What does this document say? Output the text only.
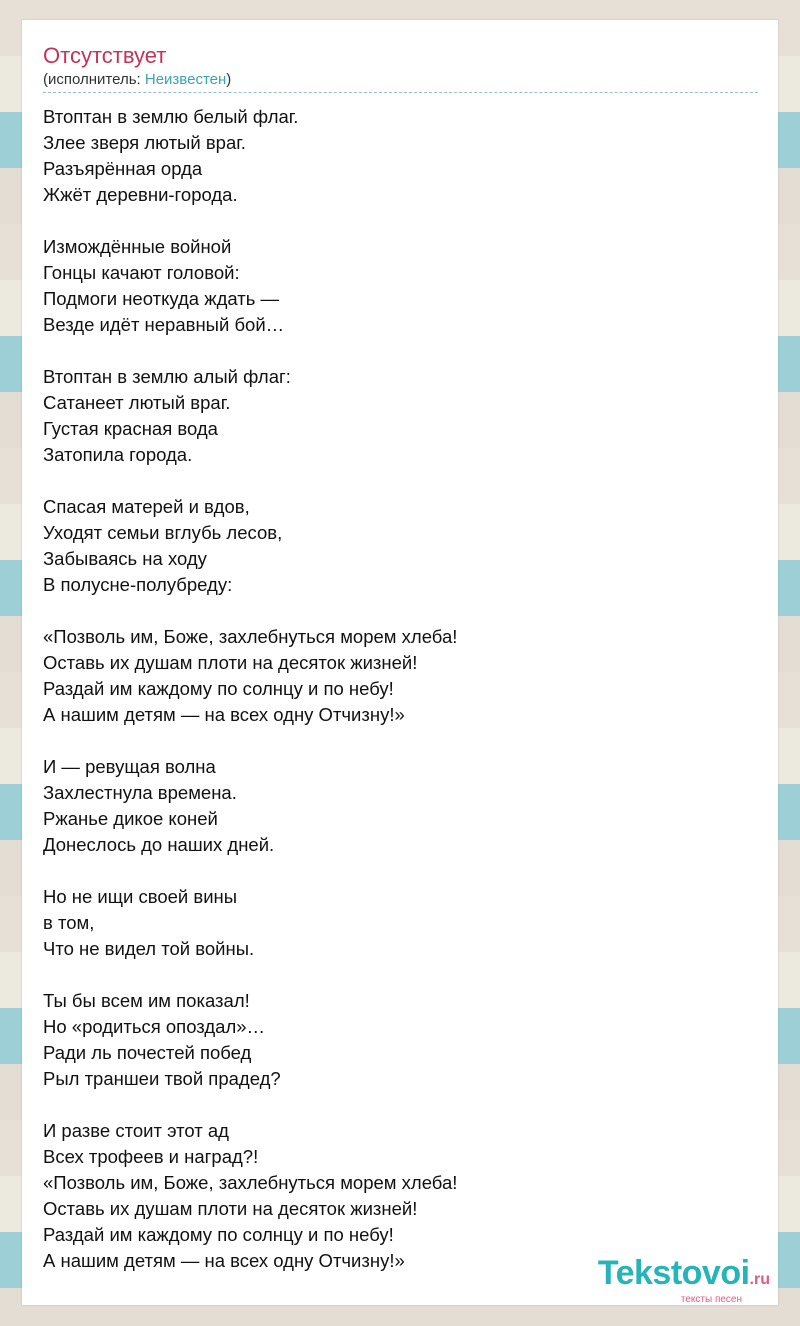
Отсутствует
(исполнитель: Неизвестен)
Втоптан в землю белый флаг.
Злее зверя лютый враг.
Разъярённая орда
Жжёт деревни-города.
Измождённые войной
Гонцы качают головой:
Подмоги неоткуда ждать —
Везде идёт неравный бой…
Втоптан в землю алый флаг:
Сатанеет лютый враг.
Густая красная вода
Затопила города.
Спасая матерей и вдов,
Уходят семьи вглубь лесов,
Забываясь на ходу
В полусне-полубреду:
«Позволь им, Боже, захлебнуться морем хлеба!
Оставь их душам плоти на десяток жизней!
Раздай им каждому по солнцу и по небу!
А нашим детям — на всех одну Отчизну!»
И — ревущая волна
Захлестнула времена.
Ржанье дикое коней
Донеслось до наших дней.
Но не ищи своей вины
в том,
Что не видел той войны.
Ты бы всем им показал!
Но «родиться опоздал»…
Ради ль почестей побед
Рыл траншеи твой прадед?
И разве стоит этот ад
Всех трофеев и наград?!
«Позволь им, Боже, захлебнуться морем хлеба!
Оставь их душам плоти на десяток жизней!
Раздай им каждому по солнцу и по небу!
А нашим детям — на всех одну Отчизну!»	Tekstovoi.ru
тексты песен
